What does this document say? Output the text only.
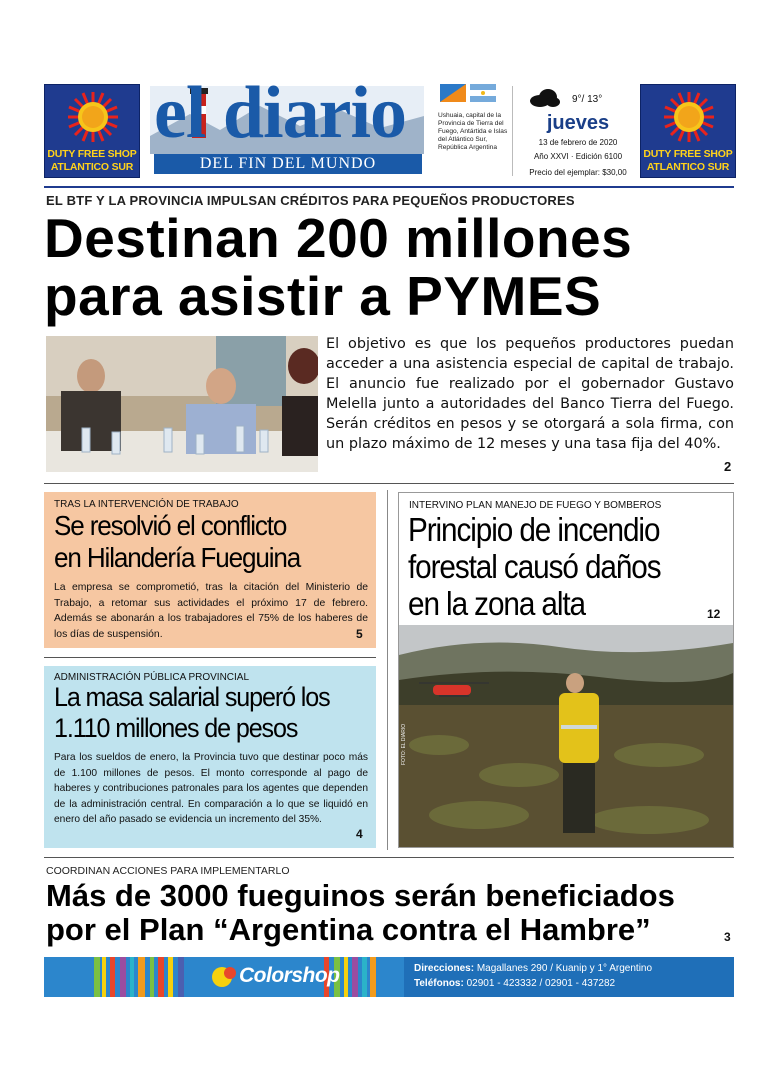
DUTY FREE SHOP
ATLANTICO SUR
el diario
DEL FIN DEL MUNDO
Ushuaia, capital de la Provincia de Tierra del Fuego, Antártida e Islas del Atlántico Sur, República Argentina
9°/ 13°
jueves
13 de febrero de 2020
Año XXVI · Edición 6100
Precio del ejemplar: $30,00
DUTY FREE SHOP
ATLANTICO SUR
EL BTF Y LA PROVINCIA IMPULSAN CRÉDITOS PARA PEQUEÑOS PRODUCTORES
Destinan 200 millones
para asistir a PYMES
El objetivo es que los pequeños productores puedan acceder a una asistencia especial de capital de trabajo. El anuncio fue realizado por el gobernador Gustavo Melella junto a autoridades del Banco Tierra del Fuego. Serán créditos en pesos y se otorgará a sola firma, con un plazo máximo de 12 meses y una tasa fija del 40%.
2
TRAS LA INTERVENCIÓN DE TRABAJO
Se resolvió el conflicto
en Hilandería Fueguina
La empresa se comprometió, tras la citación del Ministerio de Trabajo, a retomar sus actividades el próximo 17 de febrero. Además se abonarán a los trabajadores el 75% de los haberes de los días de suspensión.	5
ADMINISTRACIÓN PÚBLICA PROVINCIAL
La masa salarial superó los
1.110 millones de pesos
Para los sueldos de enero, la Provincia tuvo que destinar poco más de 1.100 millones de pesos. El monto corresponde al pago de haberes y contribuciones patronales para los agentes que dependen de la administración central. En comparación a lo que se liquidó en enero del año pasado se evidencia un incremento del 35%.
4
INTERVINO PLAN MANEJO DE FUEGO Y BOMBEROS
Principio de incendio
forestal causó daños
en la zona alta	12
FOTO: EL DIARIO
COORDINAN ACCIONES PARA IMPLEMENTARLO
Más de 3000 fueguinos serán beneficiados
por el Plan “Argentina contra el Hambre”	3
Colorshop	Direcciones: Magallanes 290 / Kuanip y 1° Argentino
Teléfonos: 02901 - 423332 / 02901 - 437282
